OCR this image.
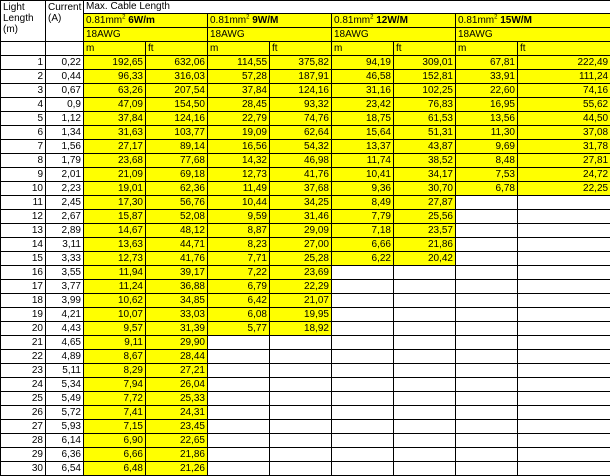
Light Length (m)	Current (A)	Max. Cable Length							
		$0.81mm^2$ 6W/m		$0.81mm^2$ 9W/M		$0.81mm^2$ 12W/M		$0.81mm^2$ 15W/M	
		18AWG		18AWG		18AWG		18AWG	
		m	ft	m	ft	m	ft	m	ft
1	0,22	192,65	632,06	114,55	375,82	94,19	309,01	67,81	222,49
2	0,44	96,33	316,03	57,28	187,91	46,58	152,81	33,91	111,24
3	0,67	63,26	207,54	37,84	124,16	31,16	102,25	22,60	74,16
4	0,9	47,09	154,50	28,45	93,32	23,42	76,83	16,95	55,62
5	1,12	37,84	124,16	22,79	74,76	18,75	61,53	13,56	44,50
6	1,34	31,63	103,77	19,09	62,64	15,64	51,31	11,30	37,08
7	1,56	27,17	89,14	16,56	54,32	13,37	43,87	9,69	31,78
8	1,79	23,68	77,68	14,32	46,98	11,74	38,52	8,48	27,81
9	2,01	21,09	69,18	12,73	41,76	10,41	34,17	7,53	24,72
10	2,23	19,01	62,36	11,49	37,68	9,36	30,70	6,78	22,25
11	2,45	17,30	56,76	10,44	34,25	8,49	27,87		
12	2,67	15,87	52,08	9,59	31,46	7,79	25,56		
13	2,89	14,67	48,12	8,87	29,09	7,18	23,57		
14	3,11	13,63	44,71	8,23	27,00	6,66	21,86		
15	3,33	12,73	41,76	7,71	25,28	6,22	20,42		
16	3,55	11,94	39,17	7,22	23,69				
17	3,77	11,24	36,88	6,79	22,29				
18	3,99	10,62	34,85	6,42	21,07				
19	4,21	10,07	33,03	6,08	19,95				
20	4,43	9,57	31,39	5,77	18,92				
21	4,65	9,11	29,90						
22	4,89	8,67	28,44						
23	5,11	8,29	27,21						
24	5,34	7,94	26,04						
25	5,49	7,72	25,33						
26	5,72	7,41	24,31						
27	5,93	7,15	23,45						
28	6,14	6,90	22,65						
29	6,36	6,66	21,86						
30	6,54	6,48	21,26						
